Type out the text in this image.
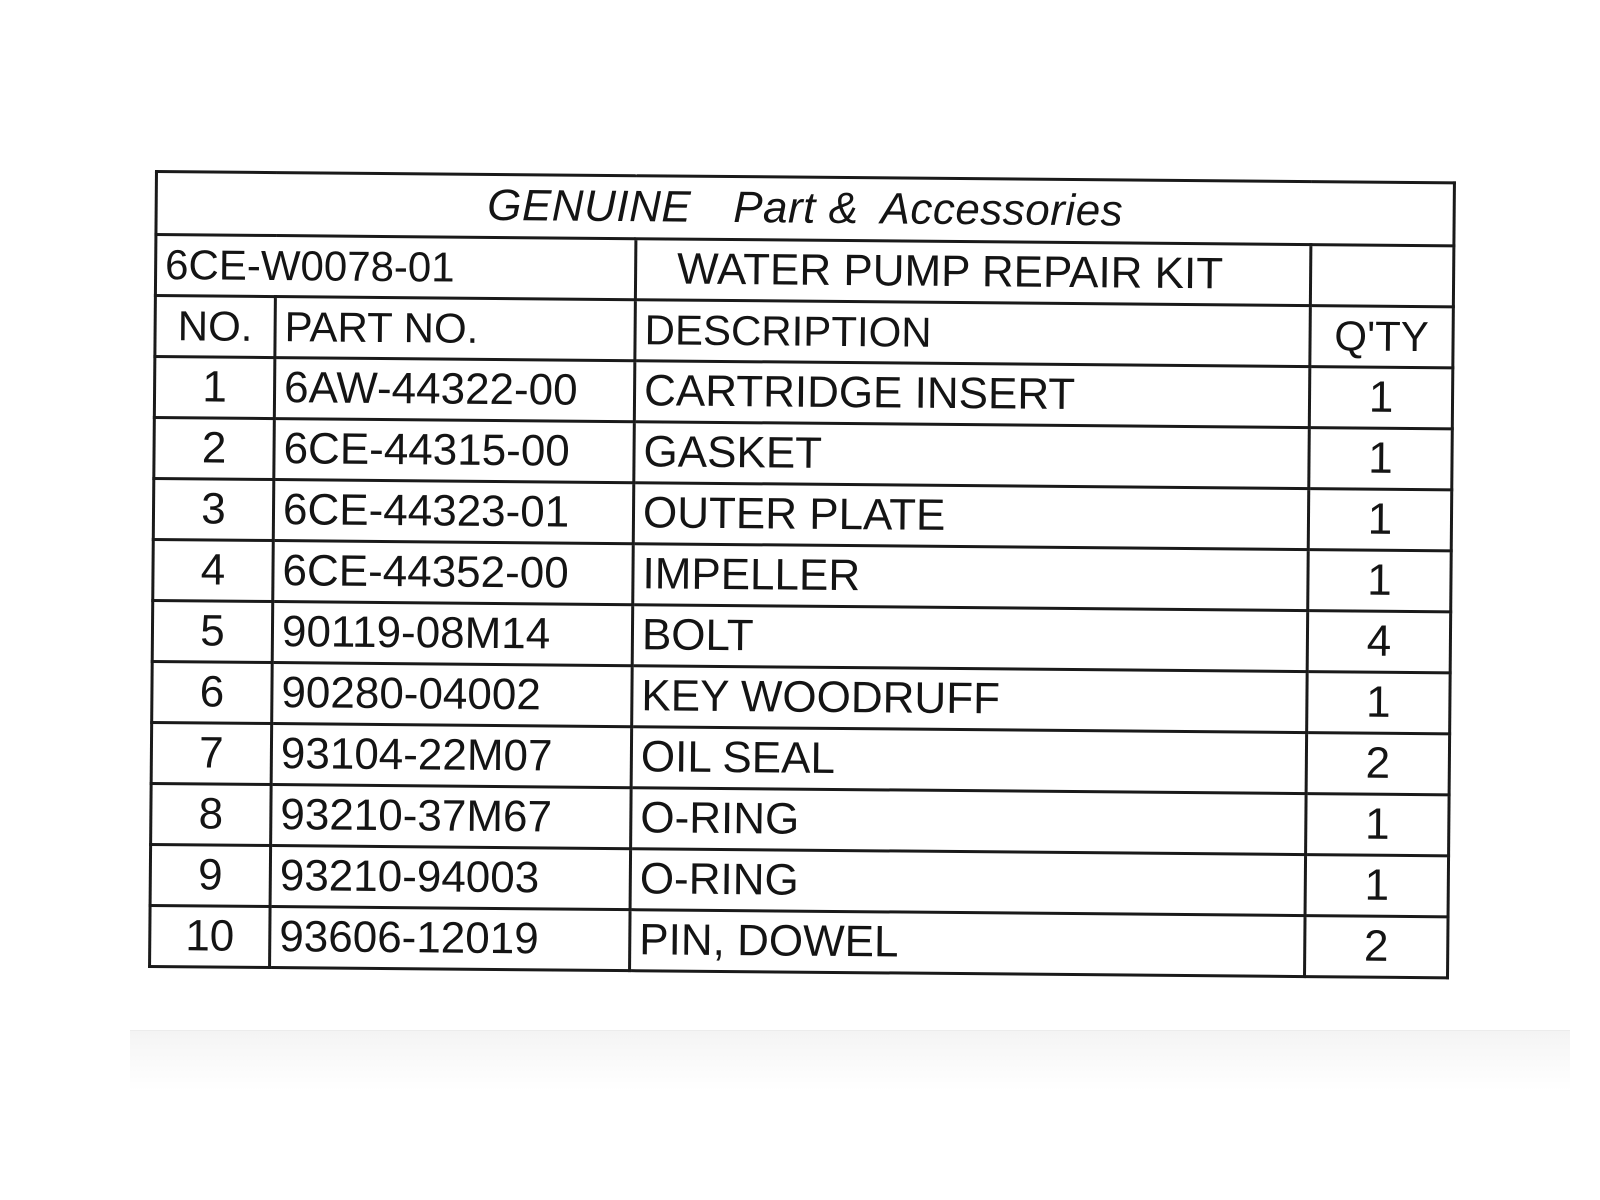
GENUINE Part & Accessories			
6CE-W0078-01		WATER PUMP REPAIR KIT	
NO.	PART NO.	DESCRIPTION	Q'TY
1	6AW-44322-00	CARTRIDGE INSERT	1
2	6CE-44315-00	GASKET	1
3	6CE-44323-01	OUTER PLATE	1
4	6CE-44352-00	IMPELLER	1
5	90119-08M14	BOLT	4
6	90280-04002	KEY WOODRUFF	1
7	93104-22M07	OIL SEAL	2
8	93210-37M67	O-RING	1
9	93210-94003	O-RING	1
10	93606-12019	PIN, DOWEL	2
